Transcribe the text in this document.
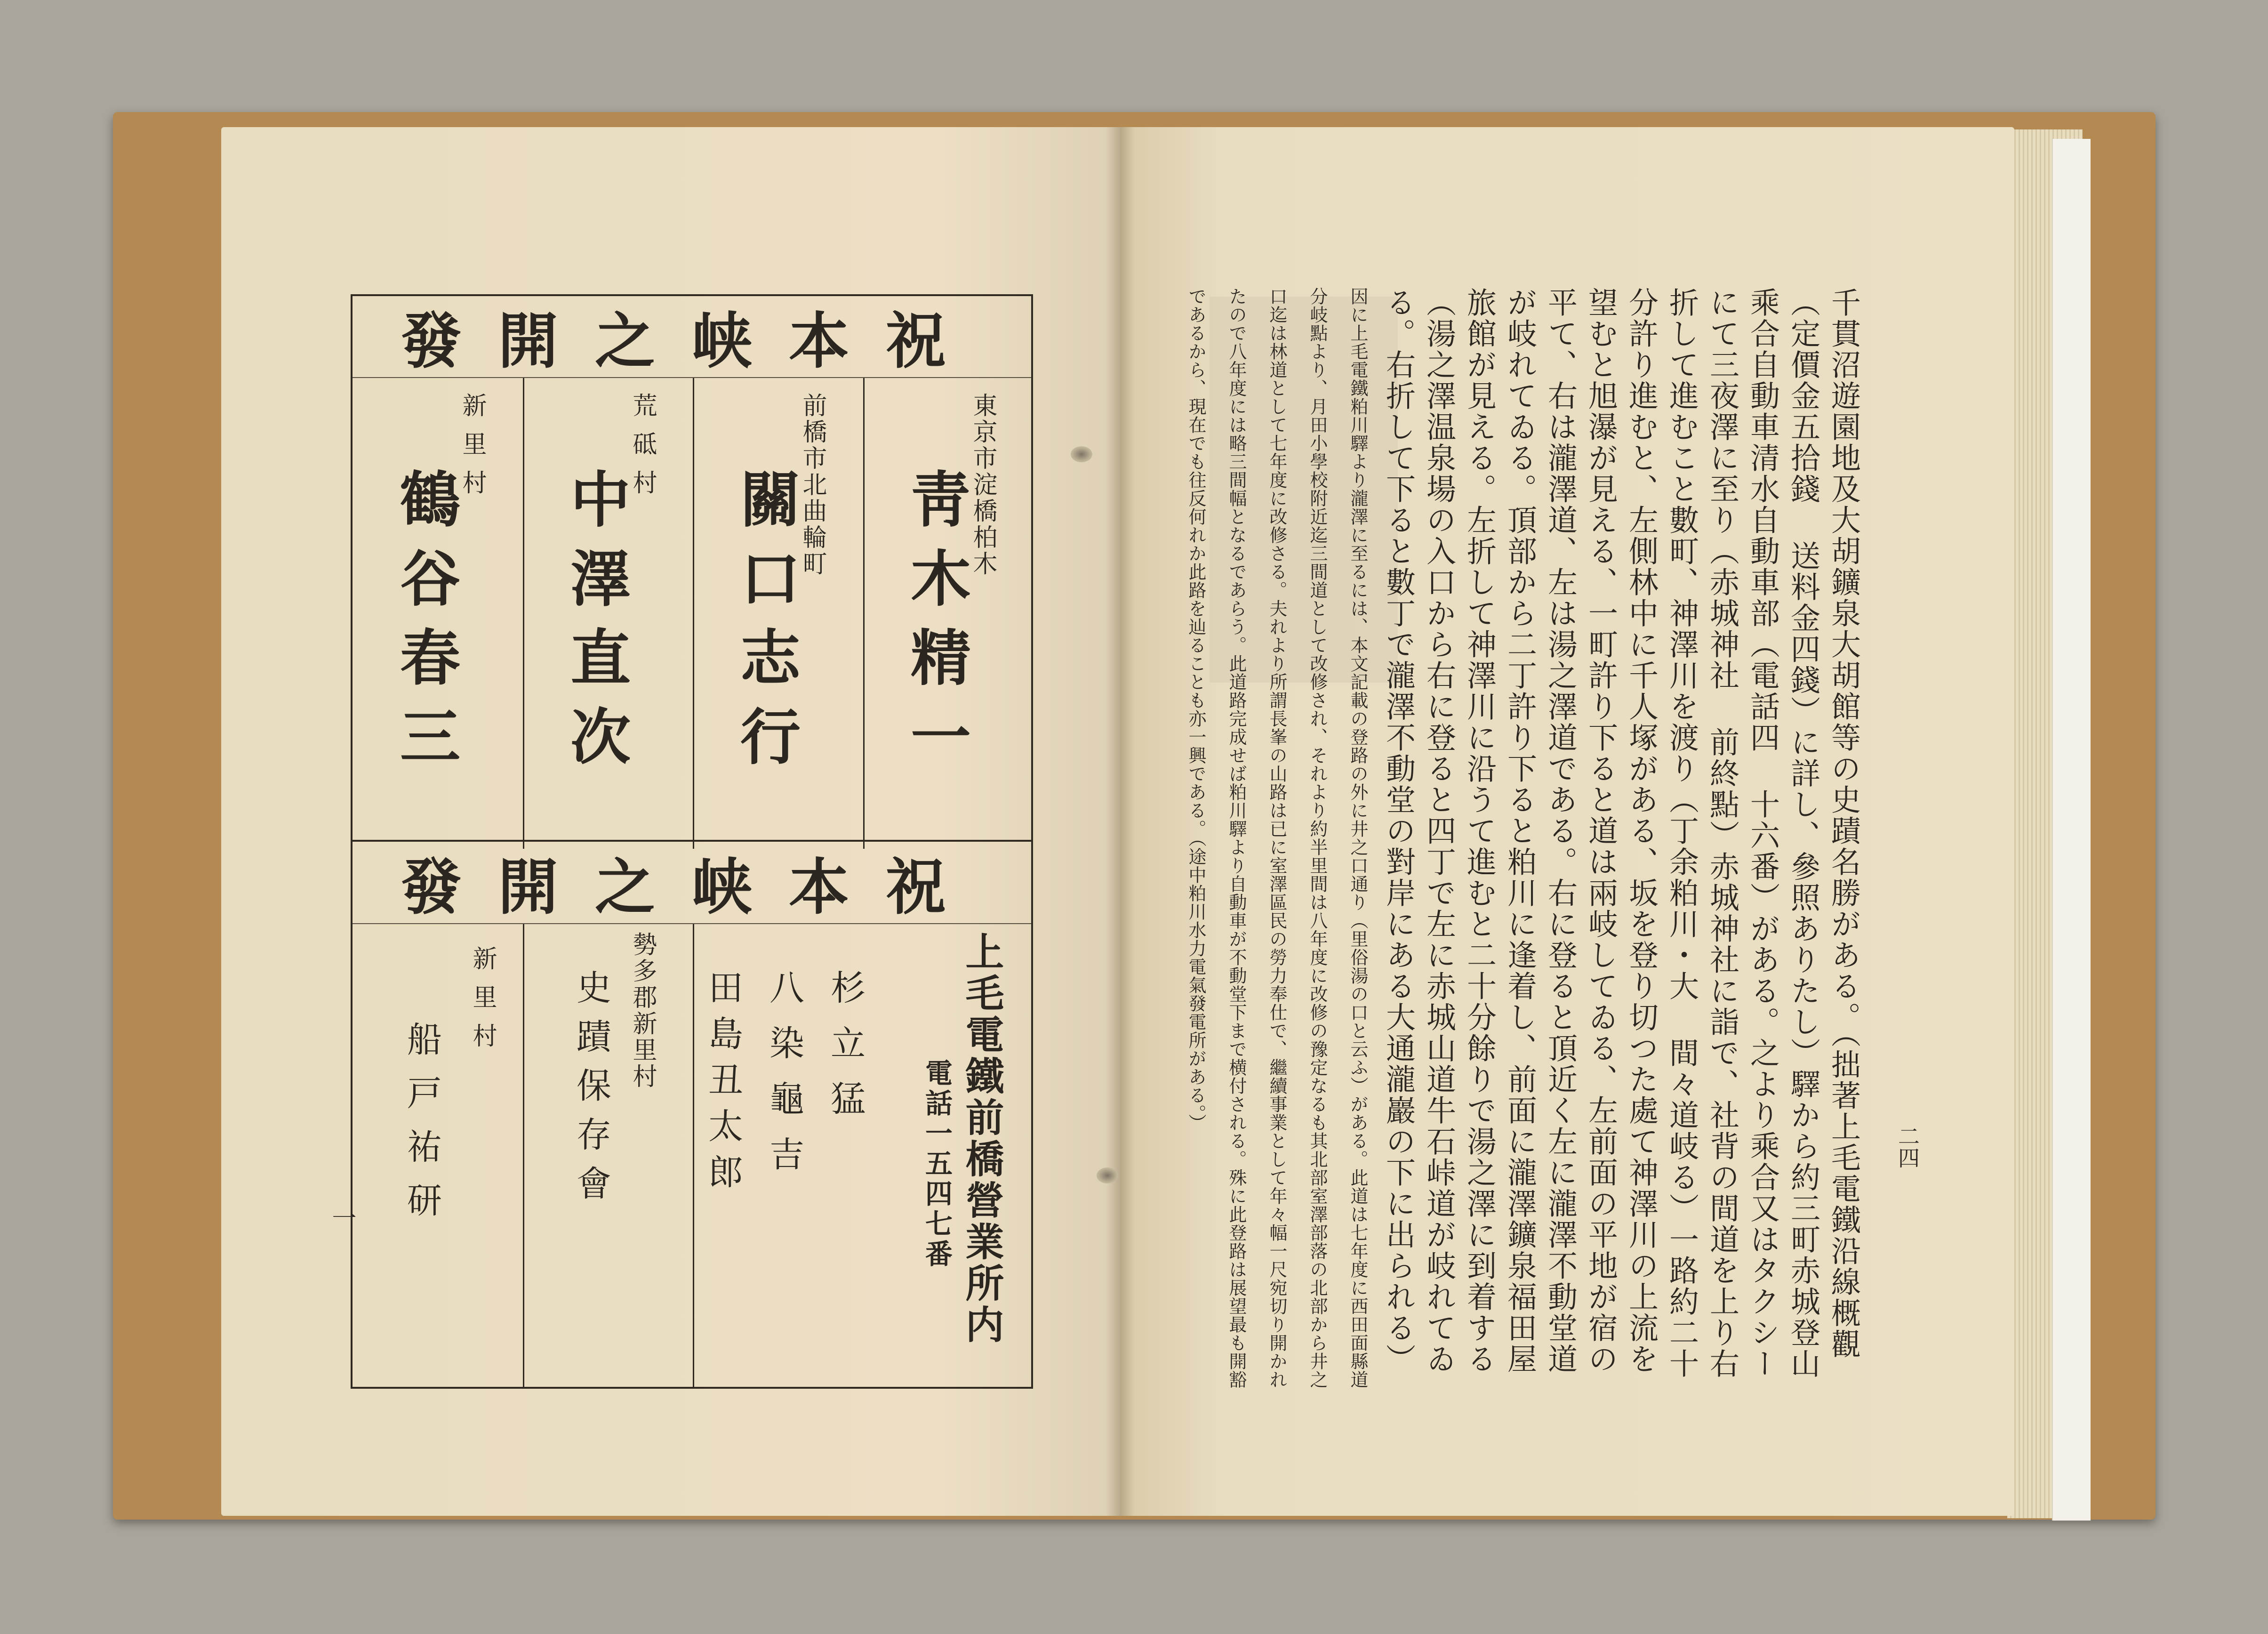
一
祝本峡之開發
東京市淀橋柏木
靑木精一
前橋市北曲輪町
關口志行
荒砥村
中澤直次
新里村
鶴谷春三
祝本峡之開發
上毛電鐵前橋營業所内
電話一五四七番
杉立猛
八染龜吉
田島丑太郎
勢多郡新里村
史蹟保存會
新里村
船戸祐研	二四
千貫沼遊園地及大胡鑛泉大胡館等の史蹟名勝がある。（拙著上毛電鐵沿線概觀（定價金五拾錢 送料金四錢）に詳し、參照ありたし）驛から約三町赤城登山乘合自動車清水自動車部（電話四 十六番）がある。之より乘合又はタクシーにて三夜澤に至り（赤城神社 前終點）赤城神社に詣で、社背の間道を上り右折して進むこと數町、神澤川を渡り（丁余粕川・大 間々道岐る）一路約二十分許り進むと、左側林中に千人塚がある、坂を登り切つた處て神澤川の上流を望むと旭瀑が見える、一町許り下ると道は兩岐してゐる、左前面の平地が宿の平て、右は瀧澤道、左は湯之澤道である。右に登ると頂近く左に瀧澤不動堂道が岐れてゐる。頂部から二丁許り下ると粕川に逢着し、前面に瀧澤鑛泉福田屋旅館が見える。左折して神澤川に沿うて進むと二十分餘りで湯之澤に到着する（湯之澤温泉場の入口から右に登ると四丁で左に赤城山道牛石峠道が岐れてゐる。右折して下ると數丁で瀧澤不動堂の對岸にある大通瀧巖の下に出られる）
因に上毛電鐵粕川驛より瀧澤に至るには、本文記載の登路の外に井之口通り（里俗湯の口と云ふ）がある。此道は七年度に西田面縣道分岐點より、月田小學校附近迄三間道として改修され、それより約半里間は八年度に改修の豫定なるも其北部室澤部落の北部から井之口迄は林道として七年度に改修さる。夫れより所謂長峯の山路は已に室澤區民の勞力奉仕で、繼續事業として年々幅一尺宛切り開かれたので八年度には略三間幅となるであらう。此道路完成せば粕川驛より自動車が不動堂下まで横付される。殊に此登路は展望最も開豁であるから、現在でも往反何れか此路を辿ることも亦一興である。（途中粕川水力電氣發電所がある。）
